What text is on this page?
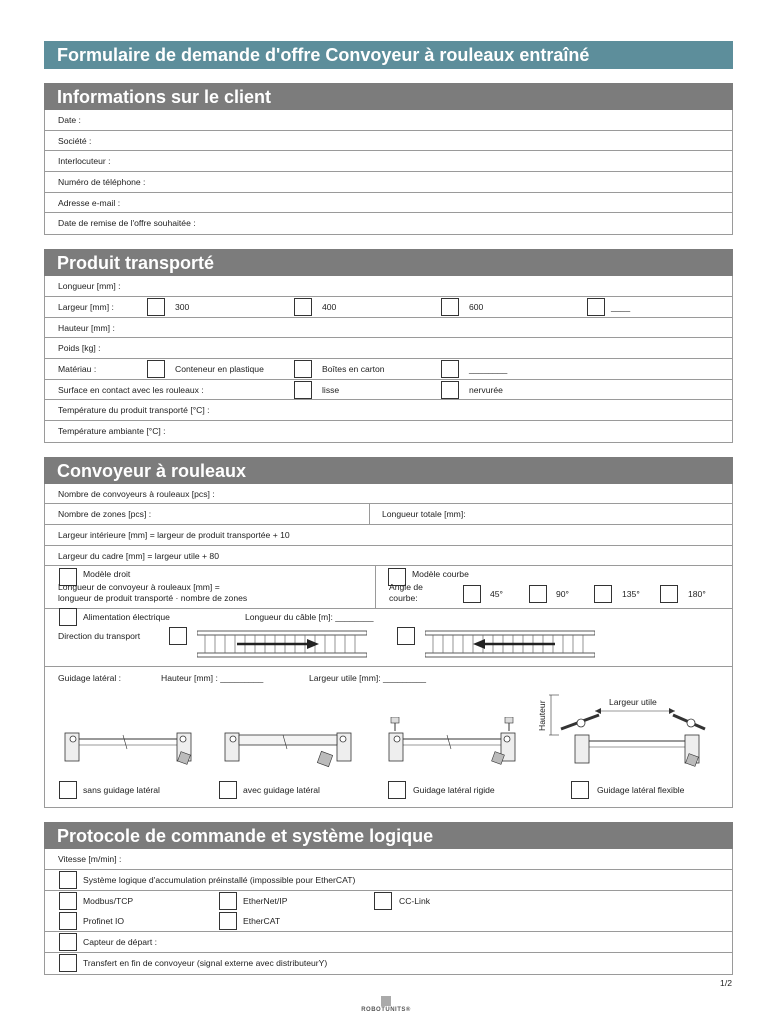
Formulaire de demande d'offre Convoyeur à rouleaux entraîné
Informations sur le client
Date :
Société :
Interlocuteur :
Numéro de téléphone :
Adresse e-mail :
Date de remise de l'offre souhaitée :
Produit transporté
Longueur [mm] :
Largeur [mm] :	300	400	600	____
Hauteur [mm] :
Poids [kg] :
Matériau :	Conteneur en plastique	Boîtes en carton	________
Surface en contact avec les rouleaux :	lisse	nervurée
Température du produit transporté [°C] :
Température ambiante [°C] :
Convoyeur à rouleaux
Nombre de convoyeurs à rouleaux [pcs] :
Nombre de zones [pcs] :	Longueur totale [mm]:
Largeur intérieure [mm] = largeur de produit transportée + 10
Largeur du cadre [mm] = largeur utile + 80
Modèle droit
Longueur de convoyeur à rouleaux [mm] =
longueur de produit transporté · nombre de zones
Modèle courbe
Angle de
courbe:	45°	90°	135°	180°
Alimentation électrique	Longueur du câble [m]: ________
Direction du transport
Guidage latéral :	Hauteur [mm] : _________	Largeur utile [mm]: _________
Hauteur	Largeur utile
sans guidage latéral	avec guidage latéral	Guidage latéral rigide	Guidage latéral flexible
Protocole de commande et système logique
Vitesse [m/min] :
Système logique d'accumulation préinstallé (impossible pour EtherCAT)
Modbus/TCP	EtherNet/IP	CC-Link
Profinet IO	EtherCAT
Capteur de départ :
Transfert en fin de convoyeur (signal externe avec distributeurY)
1/2
ROBOTUNITS®
